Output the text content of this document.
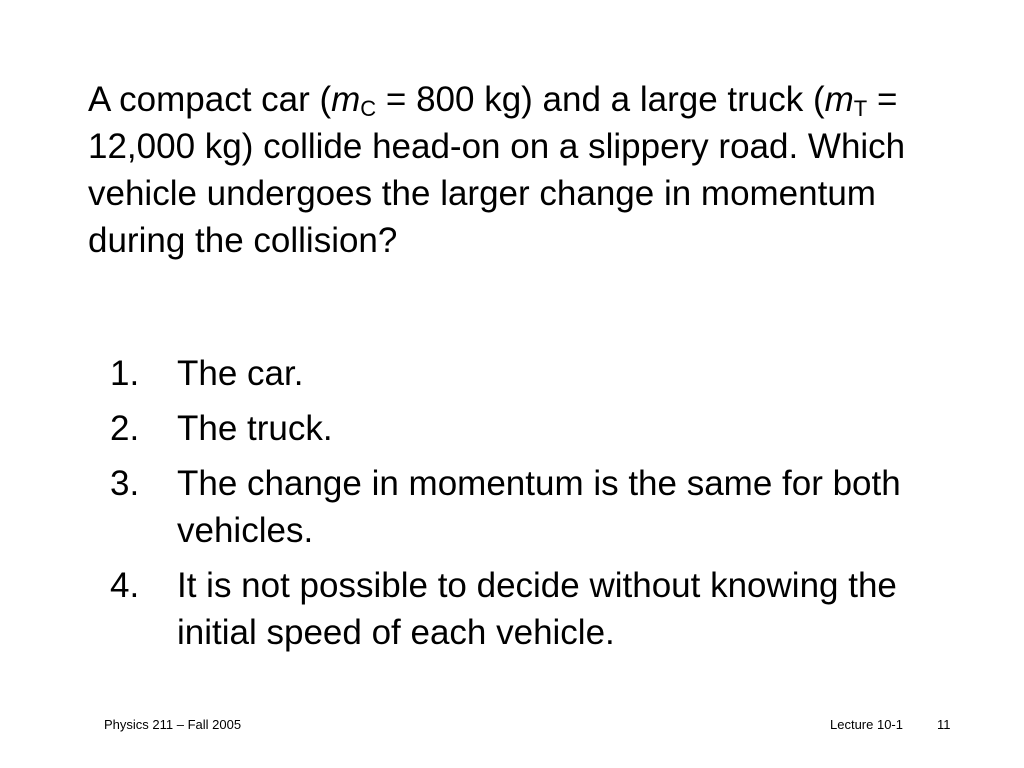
A compact car ($m_C = 800$ kg) and a large truck ($m_T = 12,000$ kg) collide head-on on a slippery road. Which vehicle undergoes the larger change in momentum during the collision?

1.	The car.
2.	The truck.
3.	The change in momentum is the same for both vehicles.
4.	It is not possible to decide without knowing the initial speed of each vehicle.
Physics 211 – Fall 2005	Lecture 10-1	11
